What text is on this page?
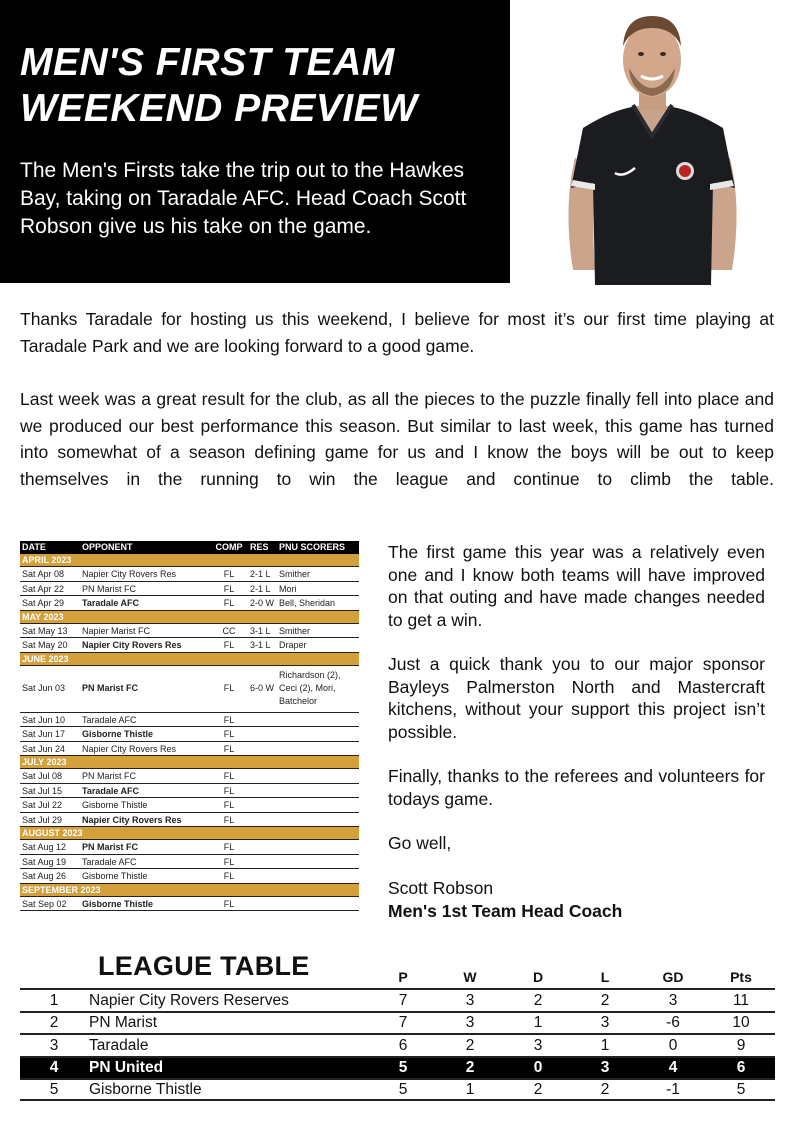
MEN'S FIRST TEAM
WEEKEND PREVIEW
The Men's Firsts take the trip out to the Hawkes Bay, taking on Taradale AFC. Head Coach Scott Robson give us his take on the game.

Thanks Taradale for hosting us this weekend, I believe for most it’s our first time playing at Taradale Park and we are looking forward to a good game.

Last week was a great result for the club, as all the pieces to the puzzle finally fell into place and we produced our best performance this season. But similar to last week, this game has turned into somewhat of a season defining game for us and I know the boys will be out to keep themselves in the running to win the league and continue to climb the table.

DATE	OPPONENT	COMP RES	PNU SCORERS
APRIL 2023
Sat Apr 08	Napier City Rovers Res	FL	2-1 L Smither
Sat Apr 22	PN Marist FC	FL	2-1 L Mori
Sat Apr 29	Taradale AFC	FL	2-0 W Bell, Sheridan
MAY 2023
Sat May 13	Napier Marist FC	CC	3-1 L Smither
Sat May 20	Napier City Rovers Res	FL	3-1 L Draper
JUNE 2023
Sat Jun 03	PN Marist FC	FL	6-0 W
Richardson (2), Ceci (2), Mori, Batchelor
Sat Jun 10	Taradale AFC	FL
Sat Jun 17	Gisborne Thistle	FL
Sat Jun 24	Napier City Rovers Res	FL
JULY 2023
Sat Jul 08	PN Marist FC	FL
Sat Jul 15	Taradale AFC	FL
Sat Jul 22	Gisborne Thistle	FL
Sat Jul 29	Napier City Rovers Res	FL
AUGUST 2023
Sat Aug 12	PN Marist FC	FL
Sat Aug 19	Taradale AFC	FL
Sat Aug 26	Gisborne Thistle	FL
SEPTEMBER 2023
Sat Sep 02	Gisborne Thistle	FL

The first game this year was a relatively even one and I know both teams will have improved on that outing and have made changes needed to get a win.

Just a quick thank you to our major sponsor Bayleys Palmerston North and Mastercraft kitchens, without your support this project isn’t possible.

Finally, thanks to the referees and volunteers for todays game.

Go well,

Scott Robson

Men's 1st Team Head Coach

LEAGUE TABLE	P	W	D	L	GD	Pts
1	Napier City Rovers Reserves	7	3	2	2	3	11
2	PN Marist	7	3	1	3	-6	10
3	Taradale	6	2	3	1	0	9
4	PN United	5	2	0	3	4	6
5	Gisborne Thistle	5	1	2	2	-1	5
